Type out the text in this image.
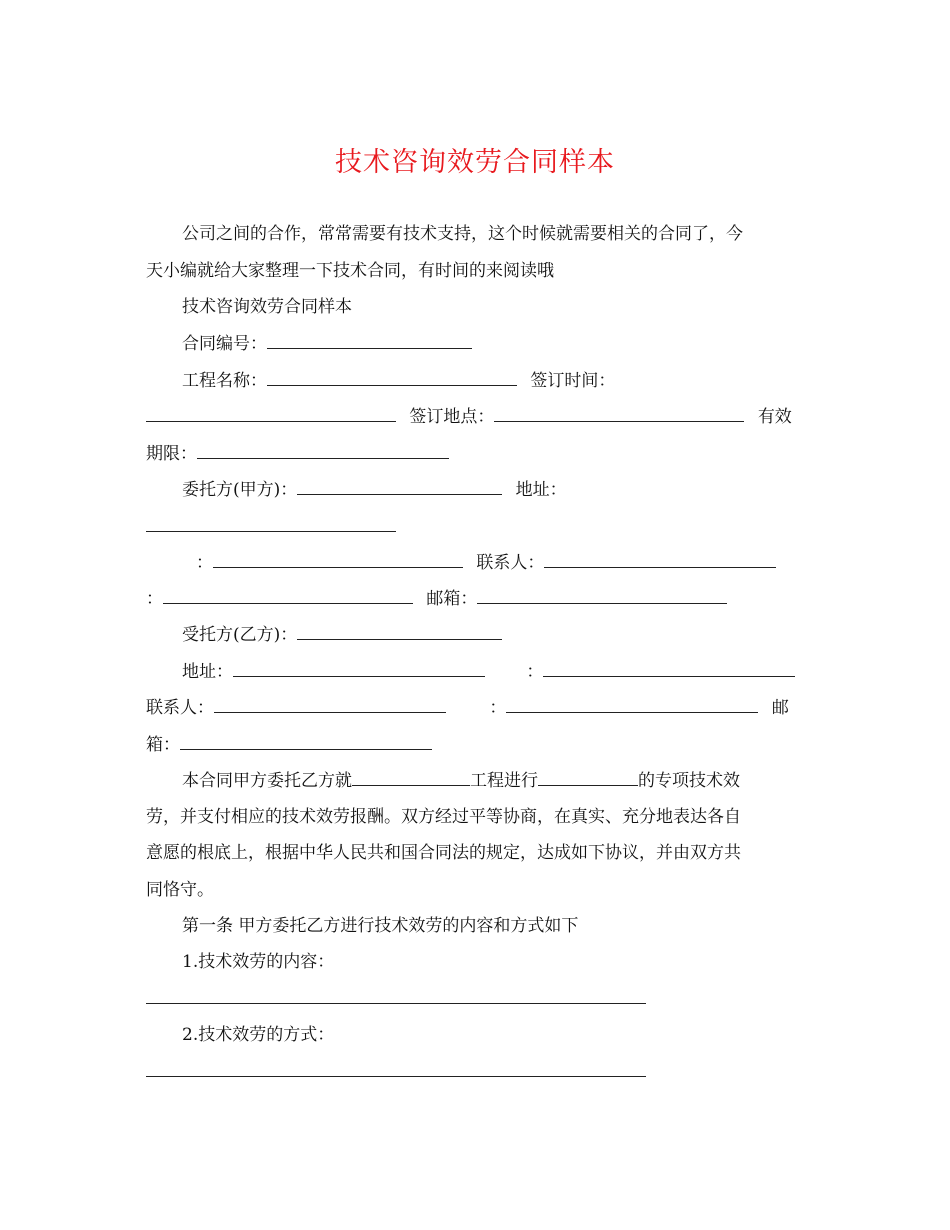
技术咨询效劳合同样本
公司之间的合作，常常需要有技术支持，这个时候就需要相关的合同了，今
天小编就给大家整理一下技术合同，有时间的来阅读哦
技术咨询效劳合同样本
合同编号：
工程名称：	签订时间：
签订地点：	有效
期限：
委托方(甲方)：	地址：
：	联系人：
：	邮箱：
受托方(乙方)：
地址：	：
联系人：	：	邮
箱：
本合同甲方委托乙方就	工程进行	的专项技术效
劳，并支付相应的技术效劳报酬。双方经过平等协商，在真实、充分地表达各自
意愿的根底上，根据中华人民共和国合同法的规定，达成如下协议，并由双方共
同恪守。
第一条 甲方委托乙方进行技术效劳的内容和方式如下
1.技术效劳的内容：
2.技术效劳的方式：
